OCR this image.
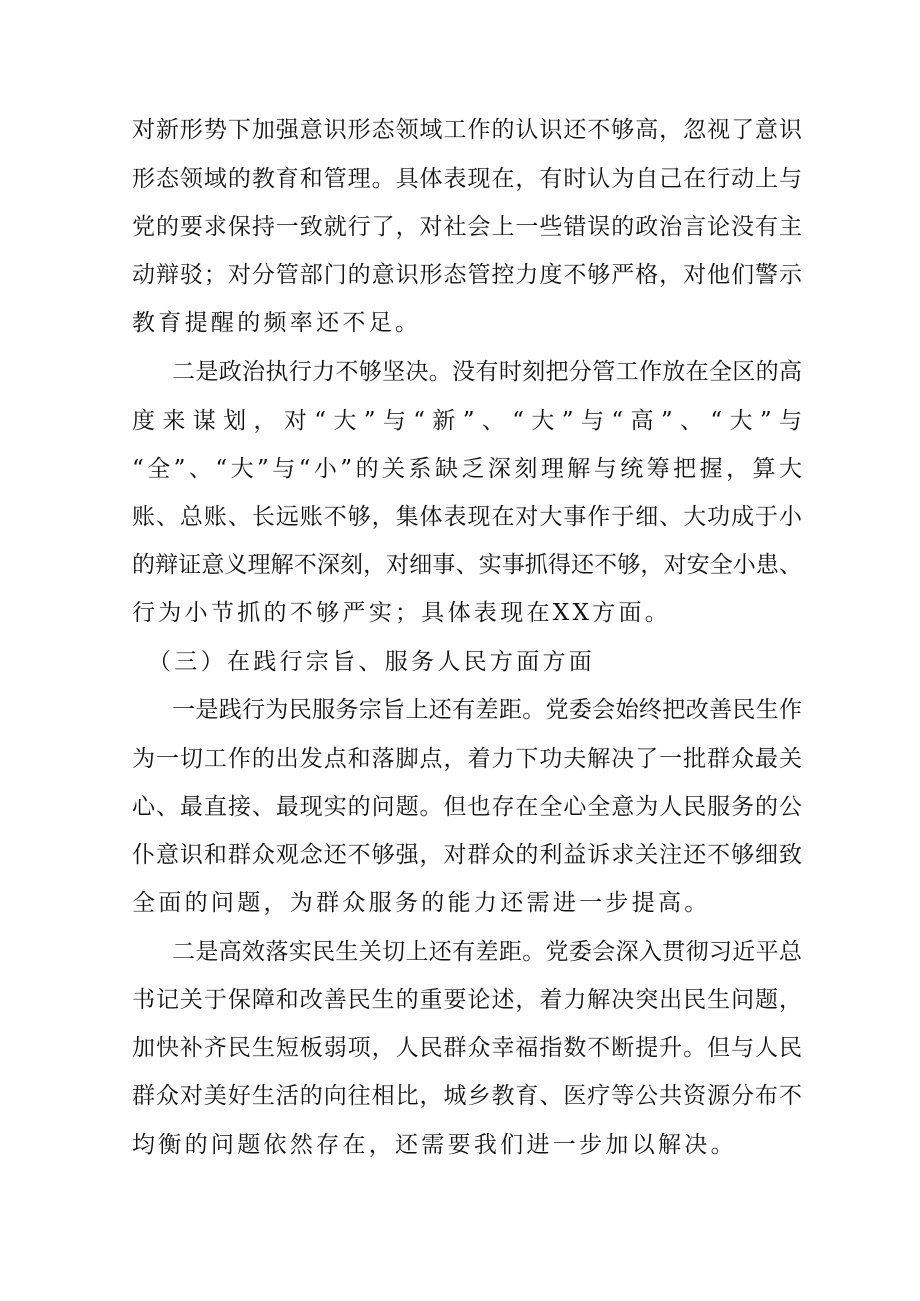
对新形势下加强意识形态领域工作的认识还不够高，忽视了意识
形态领域的教育和管理。具体表现在，有时认为自己在行动上与
党的要求保持一致就行了，对社会上一些错误的政治言论没有主
动辩驳；对分管部门的意识形态管控力度不够严格，对他们警示
教育提醒的频率还不足。
二是政治执行力不够坚决。没有时刻把分管工作放在全区的高
度来谋划，对“大”与“新”、“大”与“高”、“大”与
“全”、“大”与“小”的关系缺乏深刻理解与统筹把握，算大
账、总账、长远账不够，集体表现在对大事作于细、大功成于小
的辩证意义理解不深刻，对细事、实事抓得还不够，对安全小患、
行为小节抓的不够严实；具体表现在XX方面。
（三）在践行宗旨、服务人民方面方面
一是践行为民服务宗旨上还有差距。党委会始终把改善民生作
为一切工作的出发点和落脚点，着力下功夫解决了一批群众最关
心、最直接、最现实的问题。但也存在全心全意为人民服务的公
仆意识和群众观念还不够强，对群众的利益诉求关注还不够细致
全面的问题，为群众服务的能力还需进一步提高。
二是高效落实民生关切上还有差距。党委会深入贯彻习近平总
书记关于保障和改善民生的重要论述，着力解决突出民生问题，
加快补齐民生短板弱项，人民群众幸福指数不断提升。但与人民
群众对美好生活的向往相比，城乡教育、医疗等公共资源分布不
均衡的问题依然存在，还需要我们进一步加以解决。
